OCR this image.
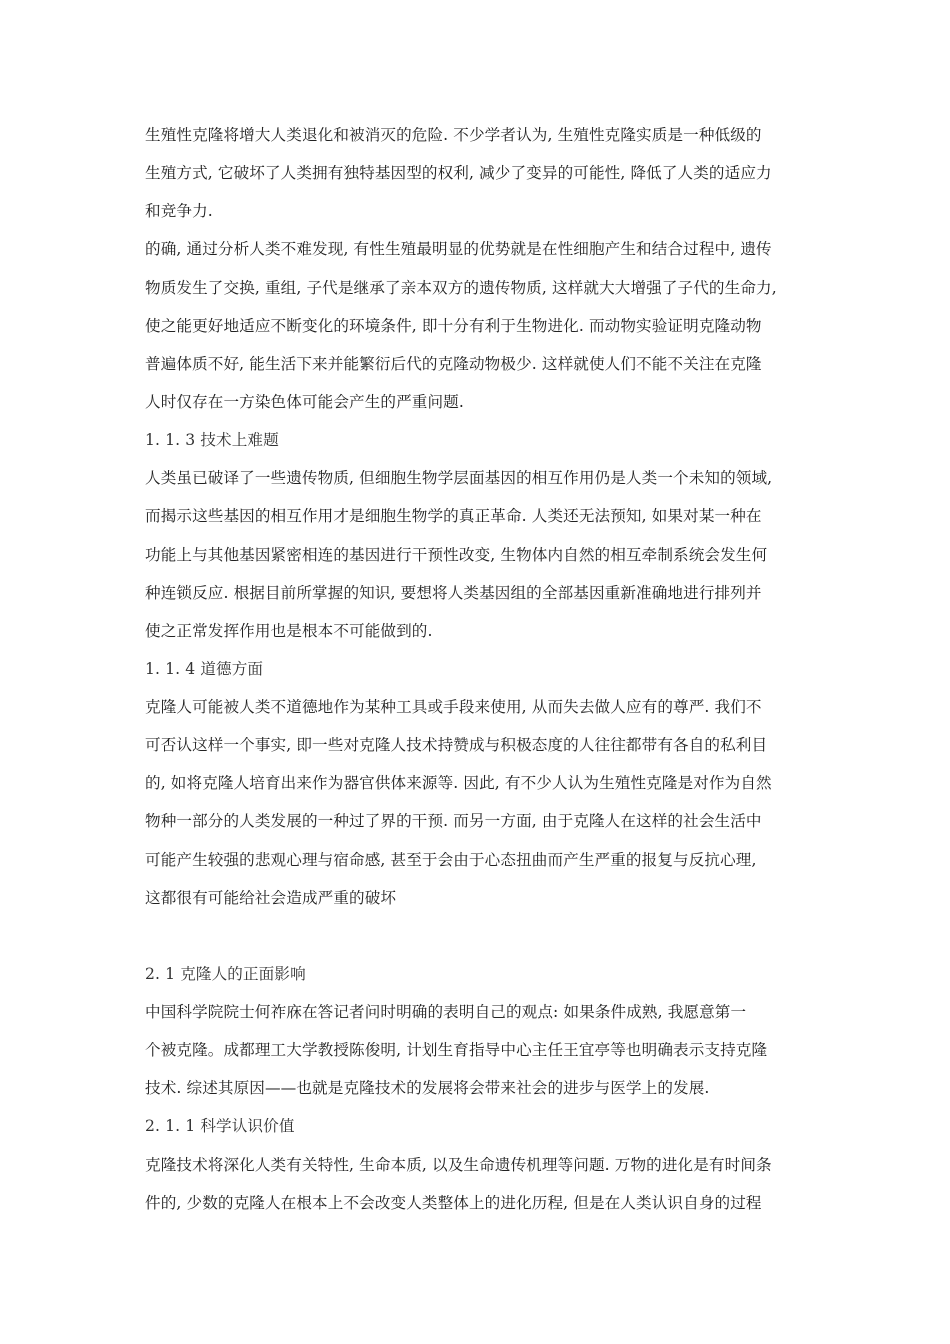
生殖性克隆将增大人类退化和被消灭的危险. 不少学者认为, 生殖性克隆实质是一种低级的
生殖方式, 它破坏了人类拥有独特基因型的权利, 减少了变异的可能性, 降低了人类的适应力
和竞争力.
的确, 通过分析人类不难发现, 有性生殖最明显的优势就是在性细胞产生和结合过程中, 遗传
物质发生了交换, 重组, 子代是继承了亲本双方的遗传物质, 这样就大大增强了子代的生命力,
使之能更好地适应不断变化的环境条件, 即十分有利于生物进化. 而动物实验证明克隆动物
普遍体质不好, 能生活下来并能繁衍后代的克隆动物极少. 这样就使人们不能不关注在克隆
人时仅存在一方染色体可能会产生的严重问题.
1. 1. 3 技术上难题
人类虽已破译了一些遗传物质, 但细胞生物学层面基因的相互作用仍是人类一个未知的领域,
而揭示这些基因的相互作用才是细胞生物学的真正革命. 人类还无法预知, 如果对某一种在
功能上与其他基因紧密相连的基因进行干预性改变, 生物体内自然的相互牵制系统会发生何
种连锁反应. 根据目前所掌握的知识, 要想将人类基因组的全部基因重新准确地进行排列并
使之正常发挥作用也是根本不可能做到的.
1. 1. 4 道德方面
克隆人可能被人类不道德地作为某种工具或手段来使用, 从而失去做人应有的尊严. 我们不
可否认这样一个事实, 即一些对克隆人技术持赞成与积极态度的人往往都带有各自的私利目
的, 如将克隆人培育出来作为器官供体来源等. 因此, 有不少人认为生殖性克隆是对作为自然
物种一部分的人类发展的一种过了界的干预. 而另一方面, 由于克隆人在这样的社会生活中
可能产生较强的悲观心理与宿命感, 甚至于会由于心态扭曲而产生严重的报复与反抗心理,
这都很有可能给社会造成严重的破坏
2. 1 克隆人的正面影响
中国科学院院士何祚庥在答记者问时明确的表明自己的观点: 如果条件成熟, 我愿意第一
个被克隆。成都理工大学教授陈俊明, 计划生育指导中心主任王宜亭等也明确表示支持克隆
技术. 综述其原因——也就是克隆技术的发展将会带来社会的进步与医学上的发展.
2. 1. 1 科学认识价值
克隆技术将深化人类有关特性, 生命本质, 以及生命遗传机理等问题. 万物的进化是有时间条
件的, 少数的克隆人在根本上不会改变人类整体上的进化历程, 但是在人类认识自身的过程
